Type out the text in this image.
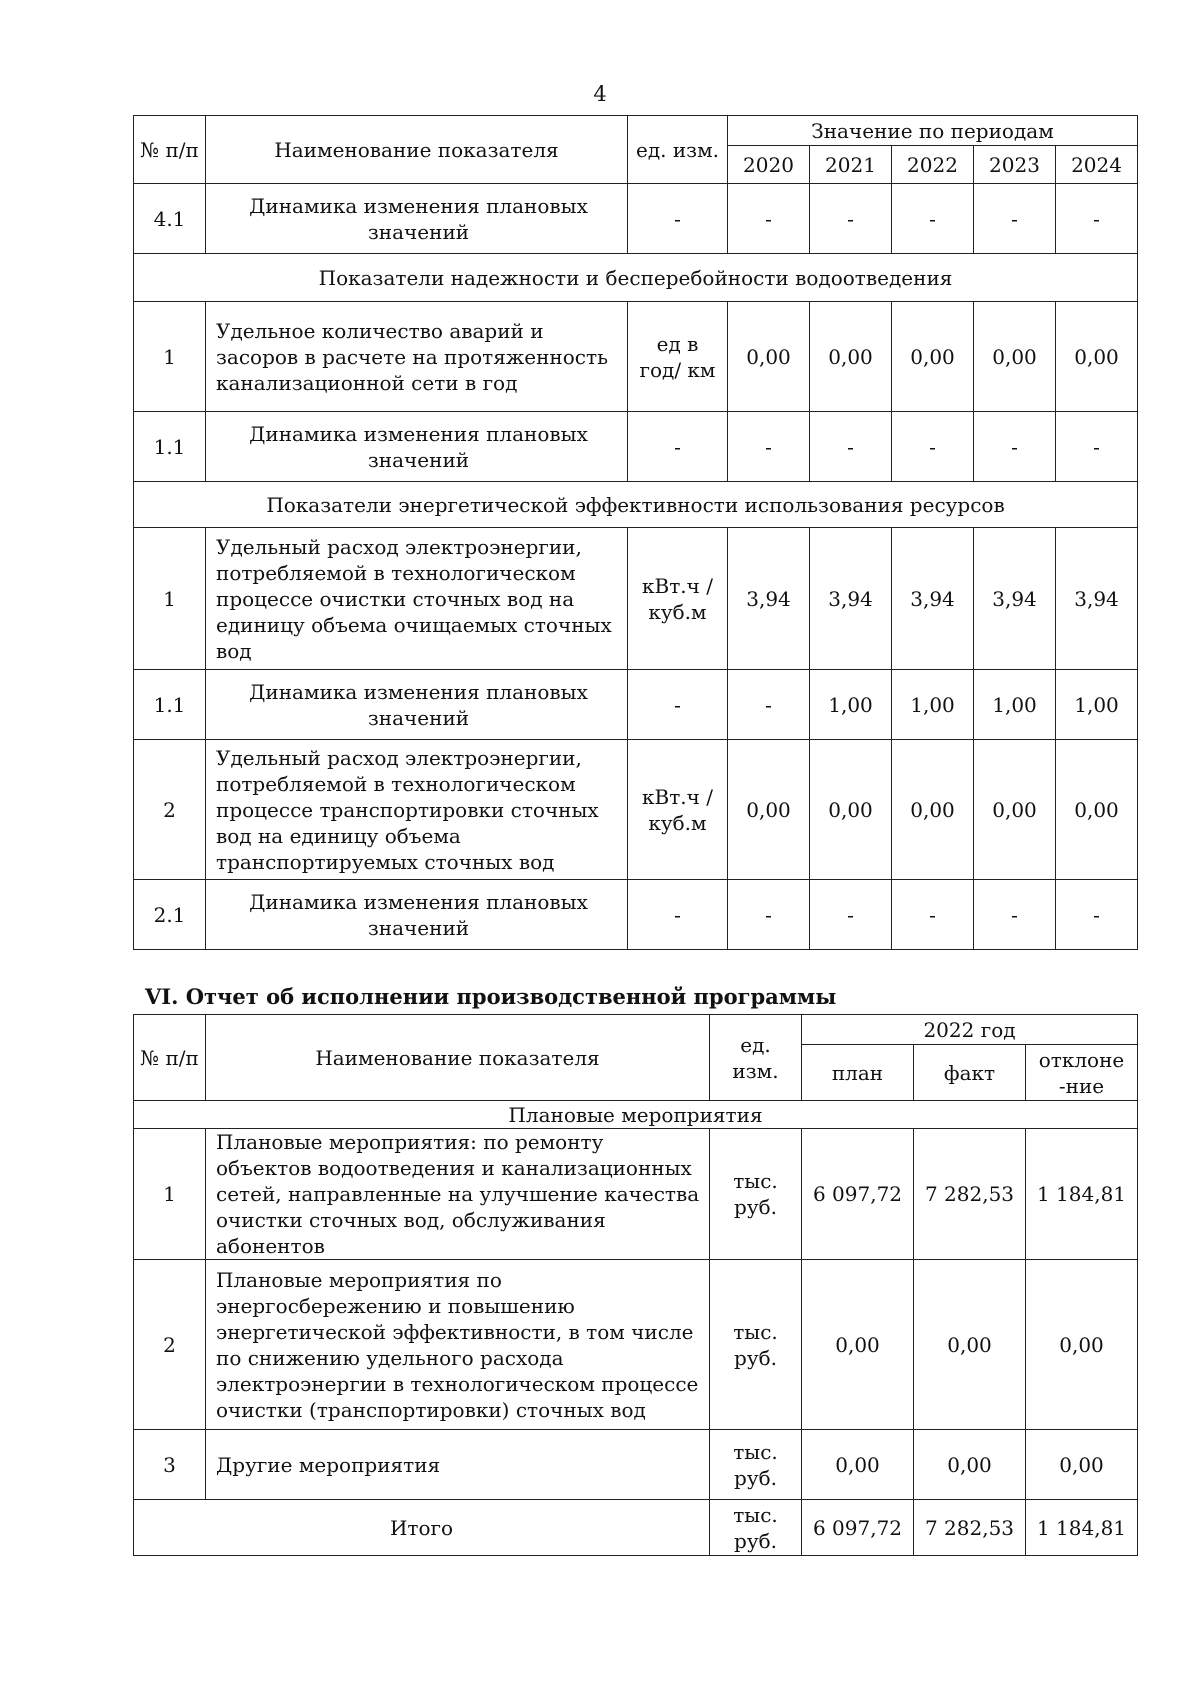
4
№ п/п	Наименование показателя	ед. изм.	Значение по периодам				
			2020	2021	2022	2023	2024
4.1	Динамика изменения плановых значений	-	-	-	-	-	-
Показатели надежности и бесперебойности водоотведения							
1	Удельное количество аварий и засоров в расчете на протяженность канализационной сети в год	ед в год/ км	0,00	0,00	0,00	0,00	0,00
1.1	Динамика изменения плановых значений	-	-	-	-	-	-
Показатели энергетической эффективности использования ресурсов							
1	Удельный расход электроэнергии, потребляемой в технологическом процессе очистки сточных вод на единицу объема очищаемых сточных вод	кВт.ч / куб.м	3,94	3,94	3,94	3,94	3,94
1.1	Динамика изменения плановых значений	-	-	1,00	1,00	1,00	1,00
2	Удельный расход электроэнергии, потребляемой в технологическом процессе транспортировки сточных вод на единицу объема транспортируемых сточных вод	кВт.ч / куб.м	0,00	0,00	0,00	0,00	0,00
2.1	Динамика изменения плановых значений	-	-	-	-	-	-
VI. Отчет об исполнении производственной программы
№ п/п	Наименование показателя	ед. изм.	2022 год		
			план	факт	отклоне -ние
Плановые мероприятия					
1	Плановые мероприятия: по ремонту объектов водоотведения и канализационных сетей, направленные на улучшение качества очистки сточных вод, обслуживания абонентов	тыс. руб.	6 097,72	7 282,53	1 184,81
2	Плановые мероприятия по энергосбережению и повышению энергетической эффективности, в том числе по снижению удельного расхода электроэнергии в технологическом процессе очистки (транспортировки) сточных вод	тыс. руб.	0,00	0,00	0,00
3	Другие мероприятия	тыс. руб.	0,00	0,00	0,00
Итого		тыс. руб.	6 097,72	7 282,53	1 184,81
